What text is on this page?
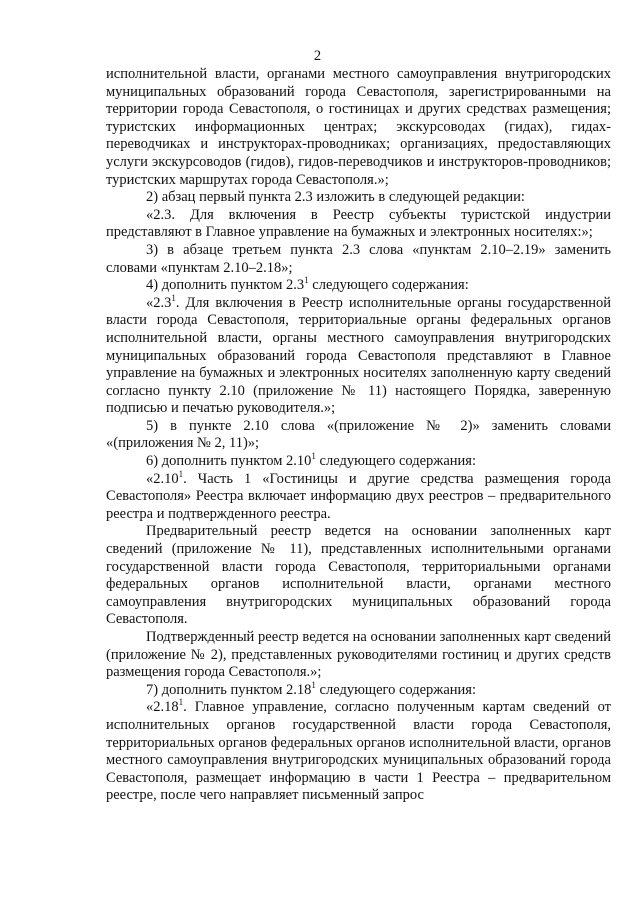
2

исполнительной власти, органами местного самоуправления внутригородских муниципальных образований города Севастополя, зарегистрированными на территории города Севастополя, о гостиницах и других средствах размещения; туристских информационных центрах; экскурсоводах (гидах), гидах-переводчиках и инструкторах-проводниках; организациях, предоставляющих услуги экскурсоводов (гидов), гидов-переводчиков и инструкторов-проводников; туристских маршрутах города Севастополя.»;

2) абзац первый пункта 2.3 изложить в следующей редакции:

«2.3. Для включения в Реестр субъекты туристской индустрии представляют в Главное управление на бумажных и электронных носителях:»;

3) в абзаце третьем пункта 2.3 слова «пунктам 2.10–2.19» заменить словами «пунктам 2.10–2.18»;

4) дополнить пунктом $2.3^1$ следующего содержания:

«$2.3^1$. Для включения в Реестр исполнительные органы государственной власти города Севастополя, территориальные органы федеральных органов исполнительной власти, органы местного самоуправления внутригородских муниципальных образований города Севастополя представляют в Главное управление на бумажных и электронных носителях заполненную карту сведений согласно пункту 2.10 (приложение № 11) настоящего Порядка, заверенную подписью и печатью руководителя.»;

5) в пункте 2.10 слова «(приложение № 2)» заменить словами «(приложения № 2, 11)»;

6) дополнить пунктом 2.10$^1$ следующего содержания:

«2.10$^1$. Часть 1 «Гостиницы и другие средства размещения города Севастополя» Реестра включает информацию двух реестров – предварительного реестра и подтвержденного реестра.

Предварительный реестр ведется на основании заполненных карт сведений (приложение № 11), представленных исполнительными органами государственной власти города Севастополя, территориальными органами федеральных органов исполнительной власти, органами местного самоуправления внутригородских муниципальных образований города Севастополя.

Подтвержденный реестр ведется на основании заполненных карт сведений (приложение № 2), представленных руководителями гостиниц и других средств размещения города Севастополя.»;

7) дополнить пунктом 2.18$^1$ следующего содержания:

«2.18$^1$. Главное управление, согласно полученным картам сведений от исполнительных органов государственной власти города Севастополя, территориальных органов федеральных органов исполнительной власти, органов местного самоуправления внутригородских муниципальных образований города Севастополя, размещает информацию в части 1 Реестра – предварительном реестре, после чего направляет письменный запрос
